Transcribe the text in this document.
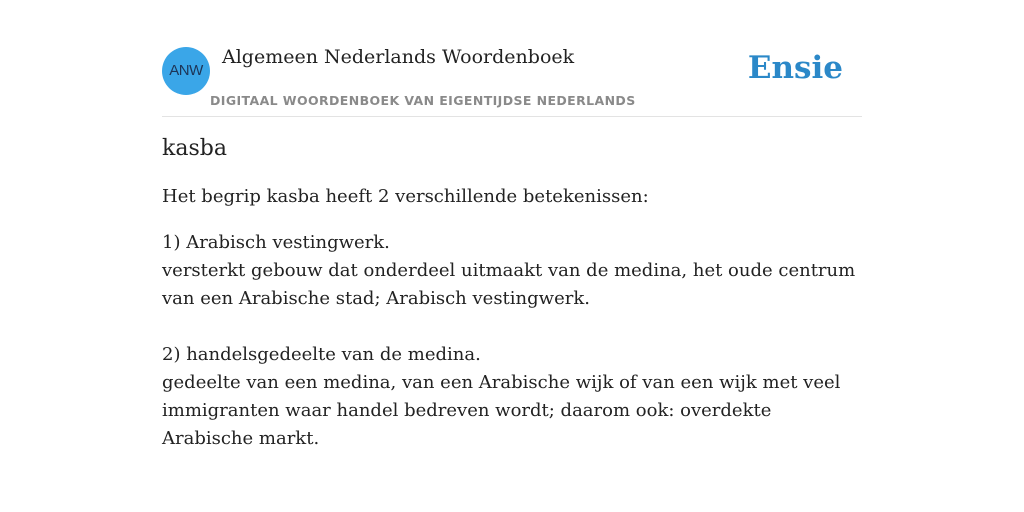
ANW
Algemeen Nederlands Woordenboek
DIGITAAL WOORDENBOEK VAN EIGENTIJDSE NEDERLANDS
Ensie
kasba

Het begrip kasba heeft 2 verschillende betekenissen:

1) Arabisch vestingwerk.

versterkt gebouw dat onderdeel uitmaakt van de medina, het oude centrum van een Arabische stad; Arabisch vestingwerk.

2) handelsgedeelte van de medina.

gedeelte van een medina, van een Arabische wijk of van een wijk met veel immigranten waar handel bedreven wordt; daarom ook: overdekte Arabische markt.
